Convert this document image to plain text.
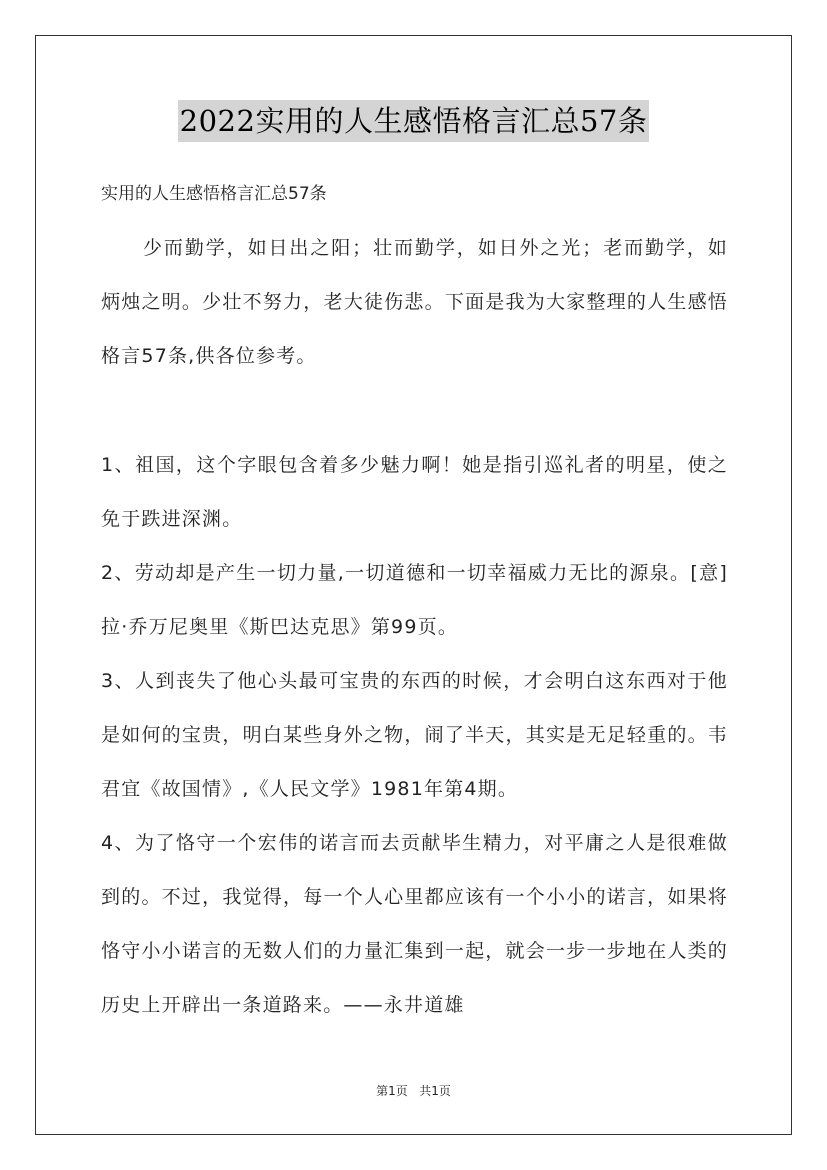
2022实用的人生感悟格言汇总57条
实用的人生感悟格言汇总57条
少而勤学，如日出之阳；壮而勤学，如日外之光；老而勤学，如炳烛之明。少壮不努力，老大徒伤悲。下面是我为大家整理的人生感悟格言57条,供各位参考。
1、祖国，这个字眼包含着多少魅力啊！她是指引巡礼者的明星，使之免于跌进深渊。
2、劳动却是产生一切力量,一切道德和一切幸福威力无比的源泉。[意]拉·乔万尼奥里《斯巴达克思》第99页。
3、人到丧失了他心头最可宝贵的东西的时候，才会明白这东西对于他是如何的宝贵，明白某些身外之物，闹了半天，其实是无足轻重的。韦君宜《故国情》,《人民文学》1981年第4期。
4、为了恪守一个宏伟的诺言而去贡献毕生精力，对平庸之人是很难做到的。不过，我觉得，每一个人心里都应该有一个小小的诺言，如果将恪守小小诺言的无数人们的力量汇集到一起，就会一步一步地在人类的历史上开辟出一条道路来。——永井道雄
第1页 共1页
